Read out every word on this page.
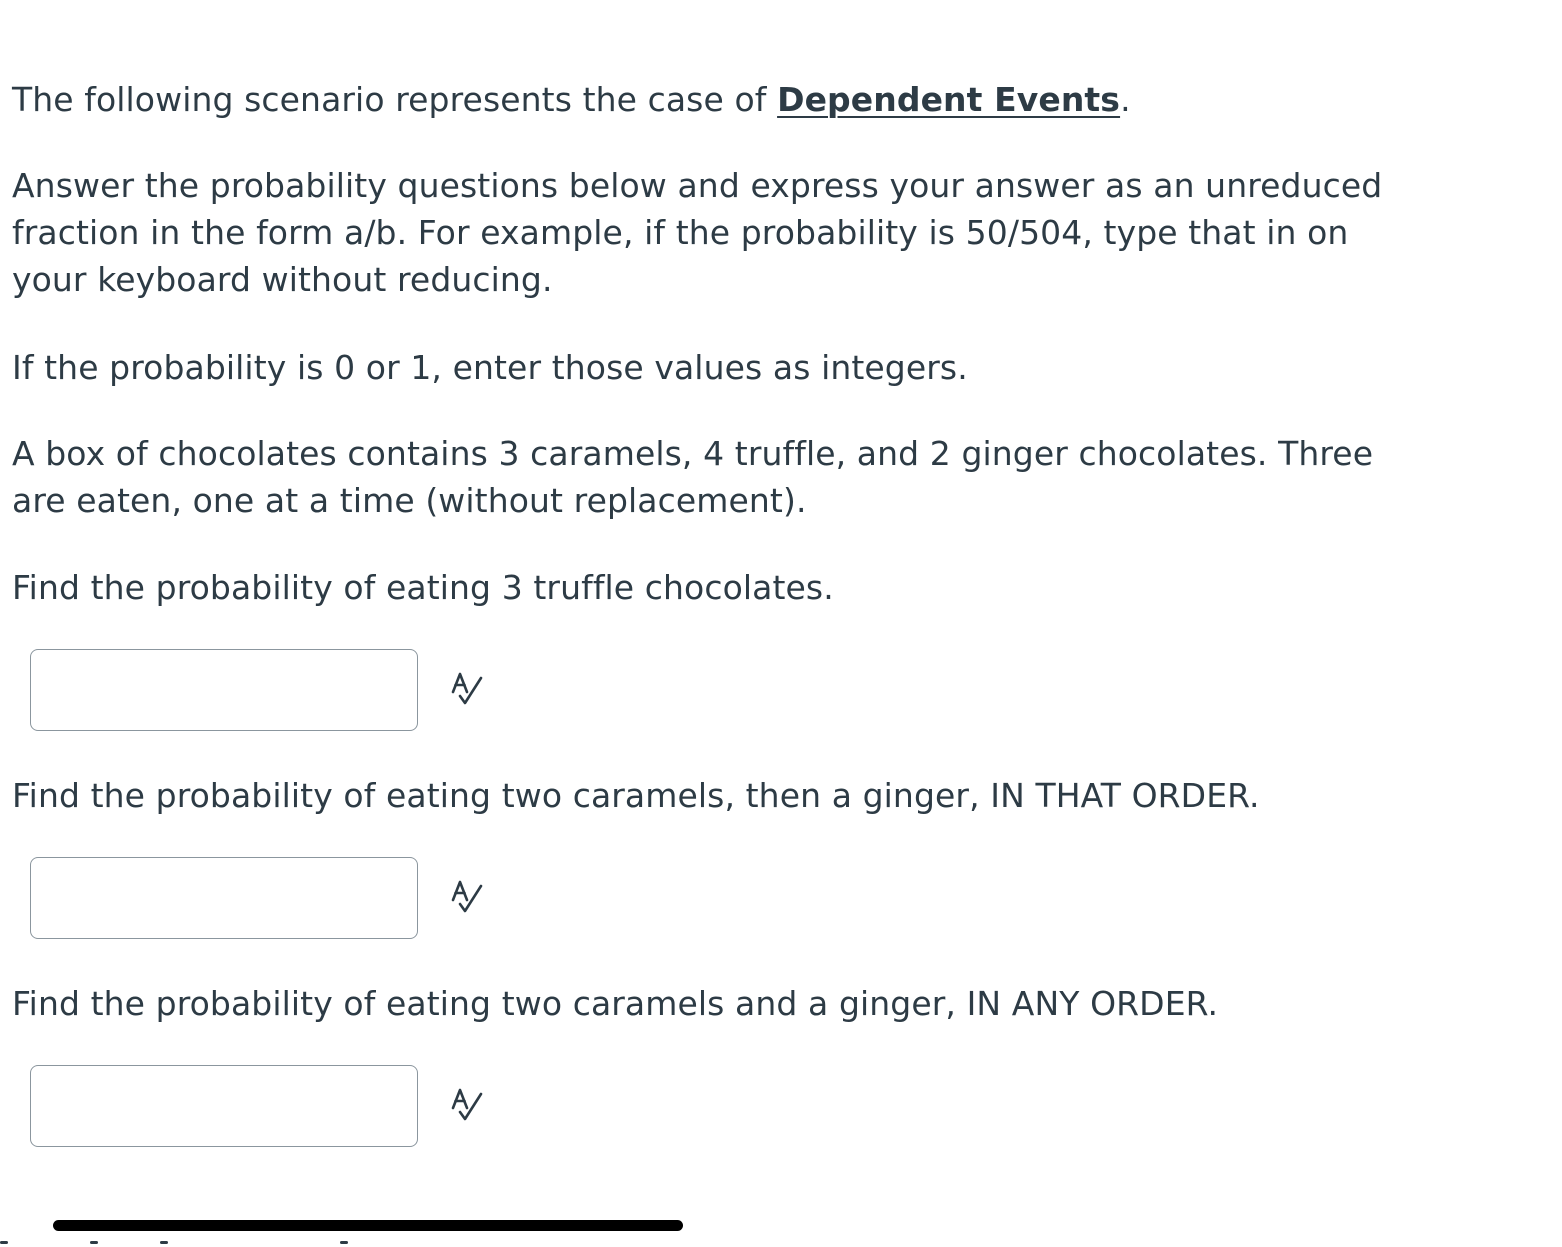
The following scenario represents the case of Dependent Events.

Answer the probability questions below and express your answer as an unreduced
fraction in the form a/b. For example, if the probability is 50/504, type that in on
your keyboard without reducing.

If the probability is 0 or 1, enter those values as integers.

A box of chocolates contains 3 caramels, 4 truffle, and 2 ginger chocolates. Three
are eaten, one at a time (without replacement).

Find the probability of eating 3 truffle chocolates.

Find the probability of eating two caramels, then a ginger, IN THAT ORDER.

Find the probability of eating two caramels and a ginger, IN ANY ORDER.
